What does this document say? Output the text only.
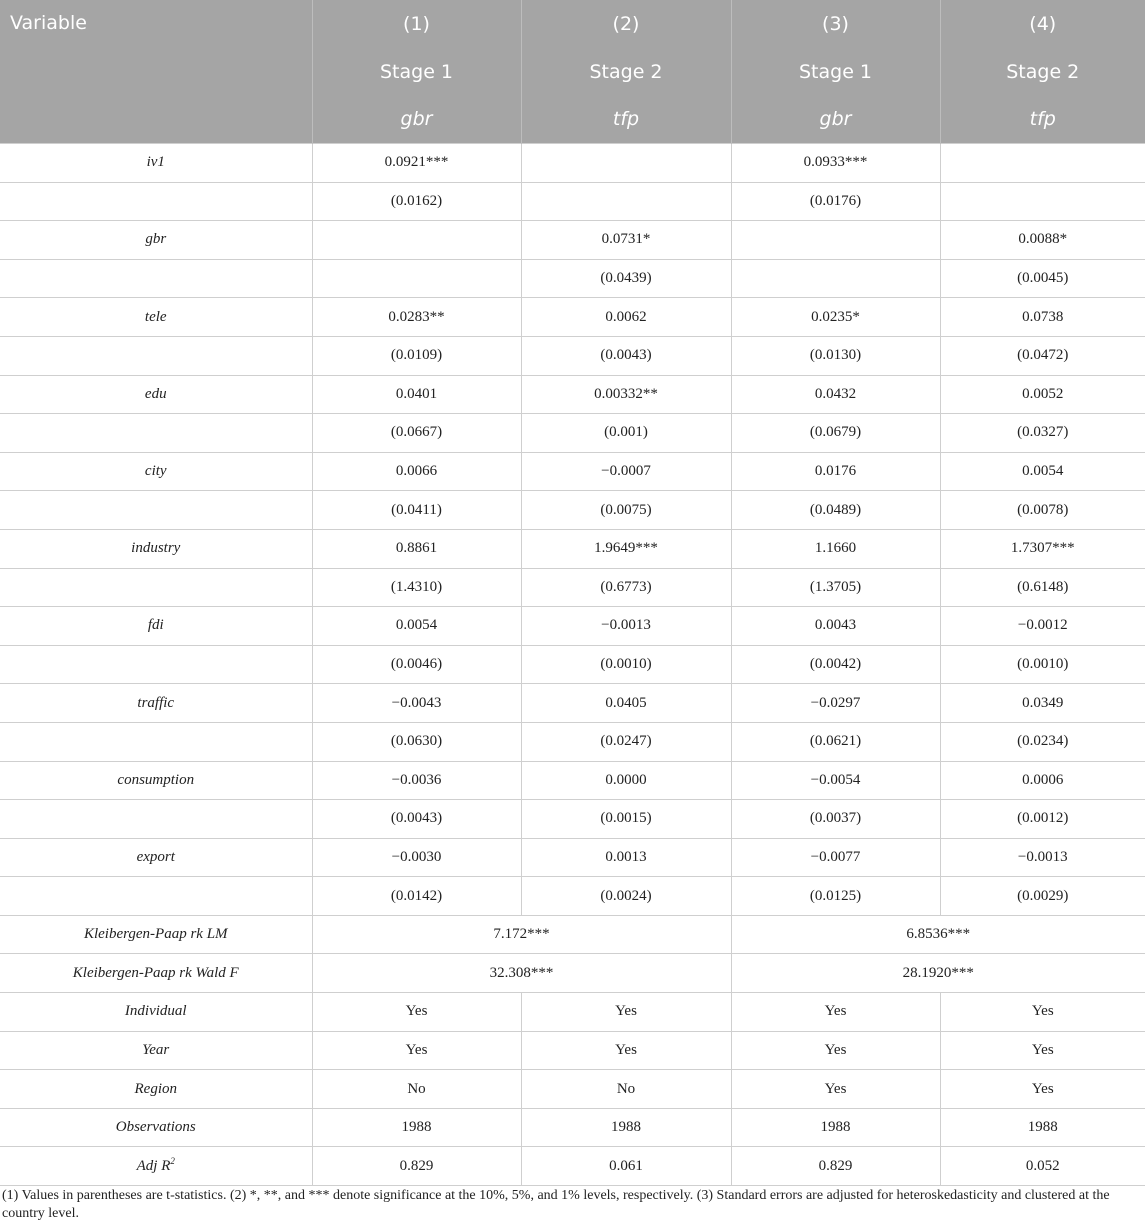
Variable	(1)	(2)	(3)	(4)
	Stage 1	Stage 2	Stage 1	Stage 2
	gbr	tfp	gbr	tfp
iv1	0.0921***		0.0933***	
	(0.0162)		(0.0176)	
gbr		0.0731*		0.0088*
		(0.0439)		(0.0045)
tele	0.0283**	0.0062	0.0235*	0.0738
	(0.0109)	(0.0043)	(0.0130)	(0.0472)
edu	0.0401	0.00332**	0.0432	0.0052
	(0.0667)	(0.001)	(0.0679)	(0.0327)
city	0.0066	−0.0007	0.0176	0.0054
	(0.0411)	(0.0075)	(0.0489)	(0.0078)
industry	0.8861	1.9649***	1.1660	1.7307***
	(1.4310)	(0.6773)	(1.3705)	(0.6148)
fdi	0.0054	−0.0013	0.0043	−0.0012
	(0.0046)	(0.0010)	(0.0042)	(0.0010)
traffic	−0.0043	0.0405	−0.0297	0.0349
	(0.0630)	(0.0247)	(0.0621)	(0.0234)
consumption	−0.0036	0.0000	−0.0054	0.0006
	(0.0043)	(0.0015)	(0.0037)	(0.0012)
export	−0.0030	0.0013	−0.0077	−0.0013
	(0.0142)	(0.0024)	(0.0125)	(0.0029)
Kleibergen-Paap rk LM	7.172***		6.8536***	
Kleibergen-Paap rk Wald F	32.308***		28.1920***	
Individual	Yes	Yes	Yes	Yes
Year	Yes	Yes	Yes	Yes
Region	No	No	Yes	Yes
Observations	1988	1988	1988	1988
Adj $R^2$	0.829	0.061	0.829	0.052

(1) Values in parentheses are t-statistics. (2) *, **, and *** denote significance at the 10%, 5%, and 1% levels, respectively. (3) Standard errors are adjusted for heteroskedasticity and clustered at the country level.
